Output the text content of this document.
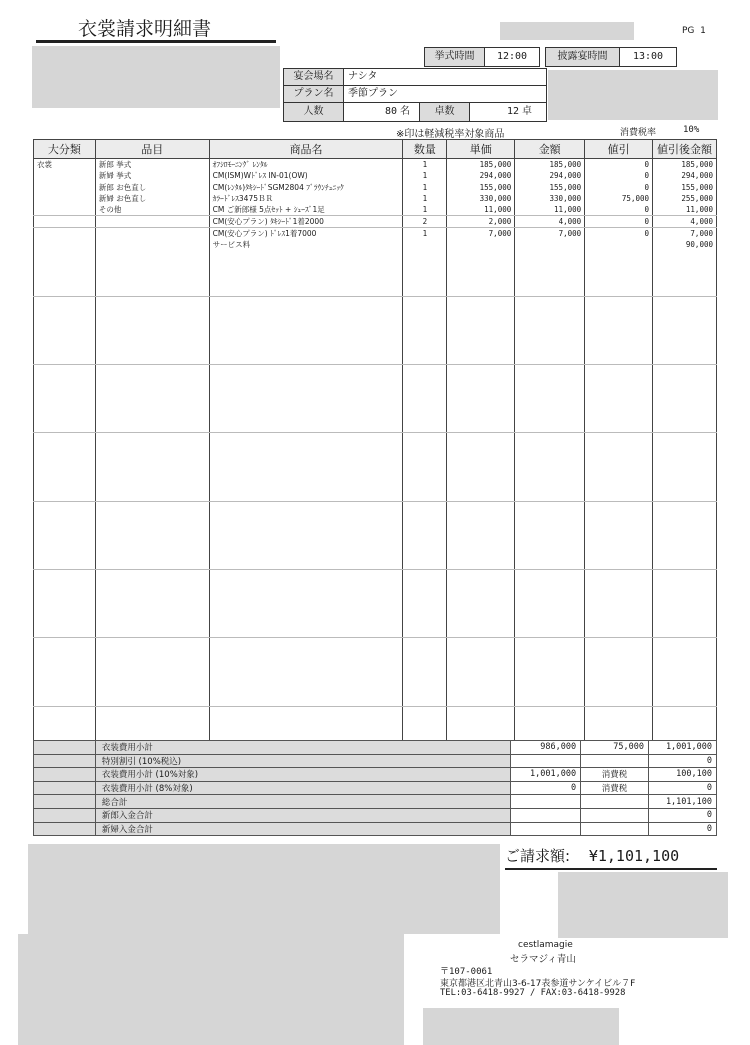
衣裳請求明細書	PG 1
挙式時間	12:00	披露宴時間	13:00
宴会場名	ナシタ
プラン名	季節プラン
人数	80 名	卓数	12 卓
※印は軽減税率対象商品	消費税率	10%
大分類	品目	商品名	数量	単価	金額	値引	値引後金額
衣裳	新郎 挙式	ｵﾌｼﾛﾓｰﾆﾝｸﾞ ﾚﾝﾀﾙ	1	185,000	185,000	0	185,000
	新婦 挙式	CM(ISM)Wﾄﾞﾚｽ IN-01(OW)	1	294,000	294,000	0	294,000
	新郎 お色直し	CM(ﾚﾝﾀﾙ)ﾀｷｼｰﾄﾞSGM2804 ﾌﾞﾗｳﾝﾁｭﾆｯｸ	1	155,000	155,000	0	155,000
	新婦 お色直し	ｶﾗｰﾄﾞﾚｽ3475ＢＲ	1	330,000	330,000	75,000	255,000
	その他	CM ご新郎様 5点ｾｯﾄ + ｼｭｰｽﾞ1足	1	11,000	11,000	0	11,000
		CM(安心プラン) ﾀｷｼｰﾄﾞ1着2000	2	2,000	4,000	0	4,000
		CM(安心プラン) ﾄﾞﾚｽ1着7000	1	7,000	7,000	0	7,000
		サービス料					90,000

	衣装費用小計	986,000	75,000	1,001,000
	特別割引 (10%税込)			0
	衣装費用小計 (10%対象)	1,001,000	消費税	100,100
	衣装費用小計 (8%対象)	0	消費税	0
	総合計			1,101,100
	新郎入金合計			0
	新婦入金合計			0
ご請求額: ¥1,101,100
cestlamagie
セラマジィ青山
〒107-0061
東京都港区北青山3-6-17表参道サンケイビル７F
TEL:03-6418-9927 / FAX:03-6418-9928
